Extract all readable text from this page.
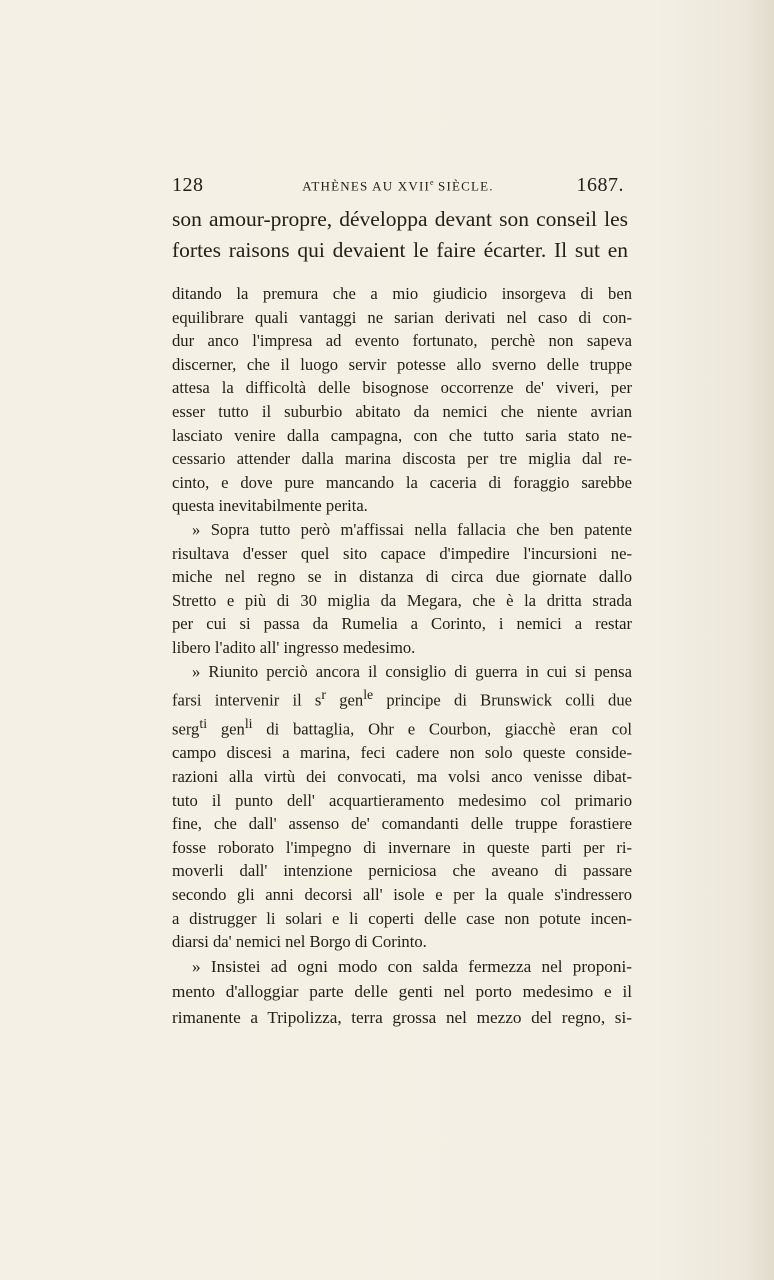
128	ATHÈNES AU XVIIe SIÈCLE.	1687.
son amour-propre, développa devant son conseil les
fortes raisons qui devaient le faire écarter. Il sut en
ditando la premura che a mio giudicio insorgeva di ben
equilibrare quali vantaggi ne sarian derivati nel caso di con-
dur anco l'impresa ad evento fortunato, perchè non sapeva
discerner, che il luogo servir potesse allo sverno delle truppe
attesa la difficoltà delle bisognose occorrenze de' viveri, per
esser tutto il suburbio abitato da nemici che niente avrian
lasciato venire dalla campagna, con che tutto saria stato ne-
cessario attender dalla marina discosta per tre miglia dal re-
cinto, e dove pure mancando la caceria di foraggio sarebbe
questa inevitabilmente perita.
» Sopra tutto però m'affissai nella fallacia che ben patente
risultava d'esser quel sito capace d'impedire l'incursioni ne-
miche nel regno se in distanza di circa due giornate dallo
Stretto e più di 30 miglia da Megara, che è la dritta strada
per cui si passa da Rumelia a Corinto, i nemici a restar
libero l'adito all' ingresso medesimo.
» Riunito perciò ancora il consiglio di guerra in cui si pensa
farsi intervenir il $s^r$ gen$^{le}$ principe di Brunswick colli due
serg$^{ti}$ gen$^{li}$ di battaglia, Ohr e Courbon, giacchè eran col
campo discesi a marina, feci cadere non solo queste conside-
razioni alla virtù dei convocati, ma volsi anco venisse dibat-
tuto il punto dell' acquartieramento medesimo col primario
fine, che dall' assenso de' comandanti delle truppe forastiere
fosse roborato l'impegno di invernare in queste parti per ri-
moverli dall' intenzione perniciosa che aveano di passare
secondo gli anni decorsi all' isole e per la quale s'indressero
a distrugger li solari e li coperti delle case non potute incen-
diarsi da' nemici nel Borgo di Corinto.
» Insistei ad ogni modo con salda fermezza nel proponi-
mento d'alloggiar parte delle genti nel porto medesimo e il
rimanente a Tripolizza, terra grossa nel mezzo del regno, si-
